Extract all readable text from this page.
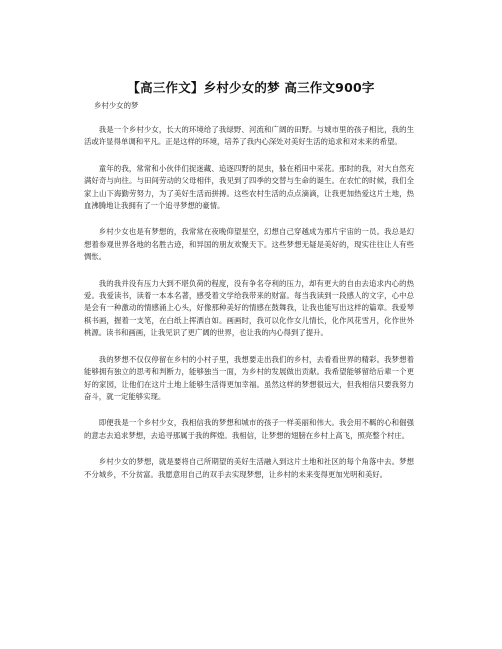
【高三作文】乡村少女的梦 高三作文900字
乡村少女的梦

我是一个乡村少女，长大的环境给了我绿野、河流和广阔的田野。与城市里的孩子相比，我的生活或许显得单调和平凡。正是这样的环境，培养了我内心深处对美好生活的追求和对未来的希望。

童年的我，常常和小伙伴们捉迷藏、追逐四野的昆虫，躲在稻田中采花。那时的我，对大自然充满好奇与向往。与田间劳动的父母相伴，我见到了四季的交替与生命的诞生。在农忙的时候，我们全家上山下海勤劳努力，为了美好生活而拼搏。这些农村生活的点点滴滴，让我更加热爱这片土地，热血沸腾地让我拥有了一个追寻梦想的豪情。

乡村少女也是有梦想的，我常常在夜晚仰望星空，幻想自己穿越成为那片宇宙的一员。我总是幻想着参观世界各地的名胜古迹，和异国的朋友欢聚天下。这些梦想无疑是美好的，现实往往让人有些惆怅。

我的我并没有压力大到不堪负荷的程度，没有争名夺利的压力，却有更大的自由去追求内心的热爱。我爱读书，读着一本本名著，感受着文学给我带来的财富。每当我读到一段感人的文字，心中总是会有一种激动的情感涌上心头，好像那种美好的情感在鼓舞我，让我也能写出这样的篇章。我爱琴棋书画，握着一支笔，在白纸上挥洒自如。画画时，我可以化作女儿情长，化作风花雪月，化作世外桃源。读书和画画，让我见识了更广阔的世界，也让我的内心得到了提升。

我的梦想不仅仅停留在乡村的小村子里，我想要走出我们的乡村，去看看世界的精彩。我梦想着能够拥有独立的思考和判断力，能够独当一面，为乡村的发展做出贡献。我希望能够留给后辈一个更好的家园，让他们在这片土地上能够生活得更加幸福。虽然这样的梦想很远大，但我相信只要我努力奋斗，就一定能够实现。

即便我是一个乡村少女，我相信我的梦想和城市的孩子一样美丽和伟大。我会用不羁的心和倔强的意志去追求梦想，去追寻那属于我的辉煌。我相信，让梦想的翅膀在乡村上高飞，照亮整个村庄。

乡村少女的梦想，就是要将自己所期望的美好生活融入到这片土地和社区的每个角落中去。梦想不分城乡，不分贫富。我愿意用自己的双手去实现梦想，让乡村的未来变得更加光明和美好。
